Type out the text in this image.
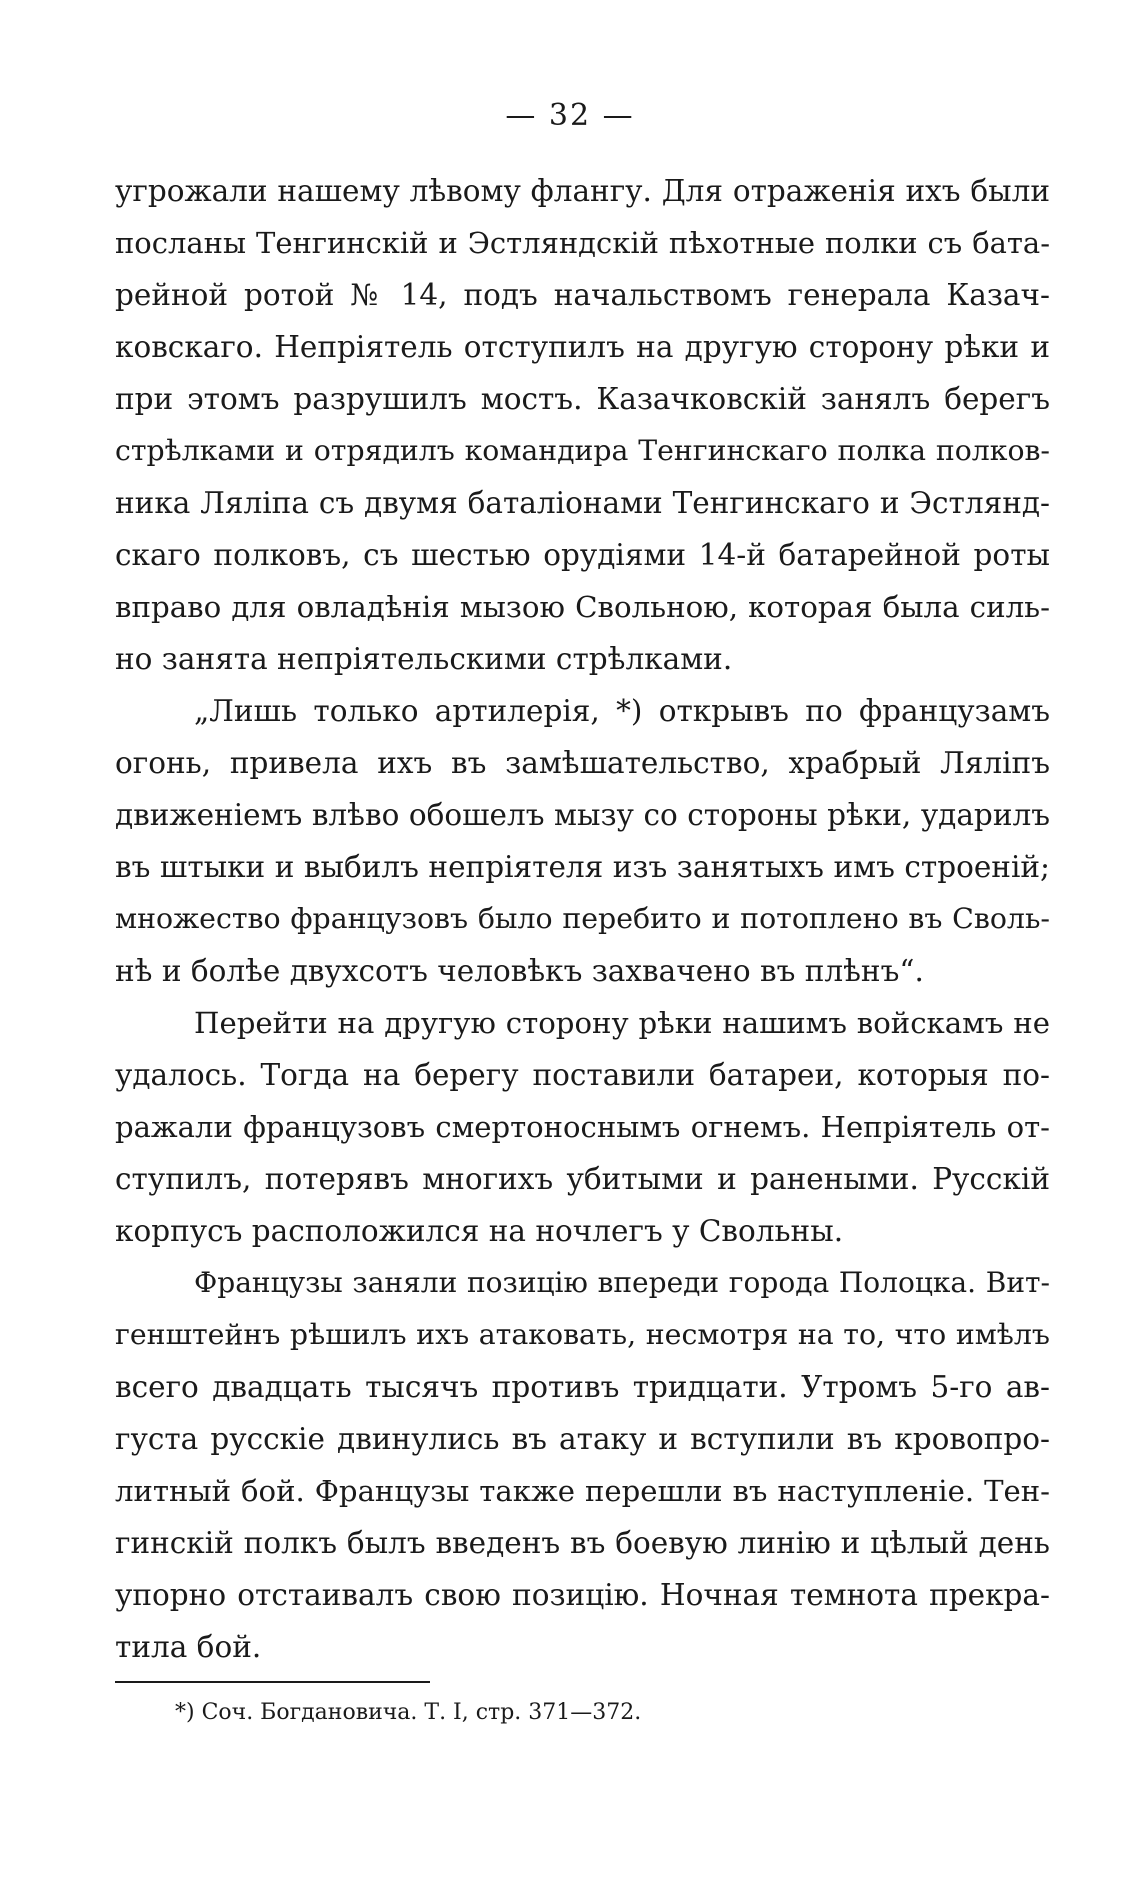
— 32 —
угрожали нашему лѣвому флангу. Для отраженія ихъ были
посланы Тенгинскій и Эстляндскій пѣхотные полки съ бата-
рейной ротой № 14, подъ начальствомъ генерала Казач-
ковскаго. Непріятель отступилъ на другую сторону рѣки и
при этомъ разрушилъ мостъ. Казачковскій занялъ берегъ
стрѣлками и отрядилъ командира Тенгинскаго полка полков-
ника Ляліпа съ двумя баталіонами Тенгинскаго и Эстлянд-
скаго полковъ, съ шестью орудіями 14-й батарейной роты
вправо для овладѣнія мызою Свольною, которая была силь-
но занята непріятельскими стрѣлками.
„Лишь только артилерія, *) открывъ по французамъ
огонь, привела ихъ въ замѣшательство, храбрый Ляліпъ
движеніемъ влѣво обошелъ мызу со стороны рѣки, ударилъ
въ штыки и выбилъ непріятеля изъ занятыхъ имъ строеній;
множество французовъ было перебито и потоплено въ Своль-
нѣ и болѣе двухсотъ человѣкъ захвачено въ плѣнъ“.
Перейти на другую сторону рѣки нашимъ войскамъ не
удалось. Тогда на берегу поставили батареи, которыя по-
ражали французовъ смертоноснымъ огнемъ. Непріятель от-
ступилъ, потерявъ многихъ убитыми и ранеными. Русскій
корпусъ расположился на ночлегъ у Свольны.
Французы заняли позицію впереди города Полоцка. Вит-
генштейнъ рѣшилъ ихъ атаковать, несмотря на то, что имѣлъ
всего двадцать тысячъ противъ тридцати. Утромъ 5-го ав-
густа русскіе двинулись въ атаку и вступили въ кровопро-
литный бой. Французы также перешли въ наступленіе. Тен-
гинскій полкъ былъ введенъ въ боевую линію и цѣлый день
упорно отстаивалъ свою позицію. Ночная темнота прекра-
тила бой.
*) Соч. Богдановича. Т. I, стр. 371—372.
